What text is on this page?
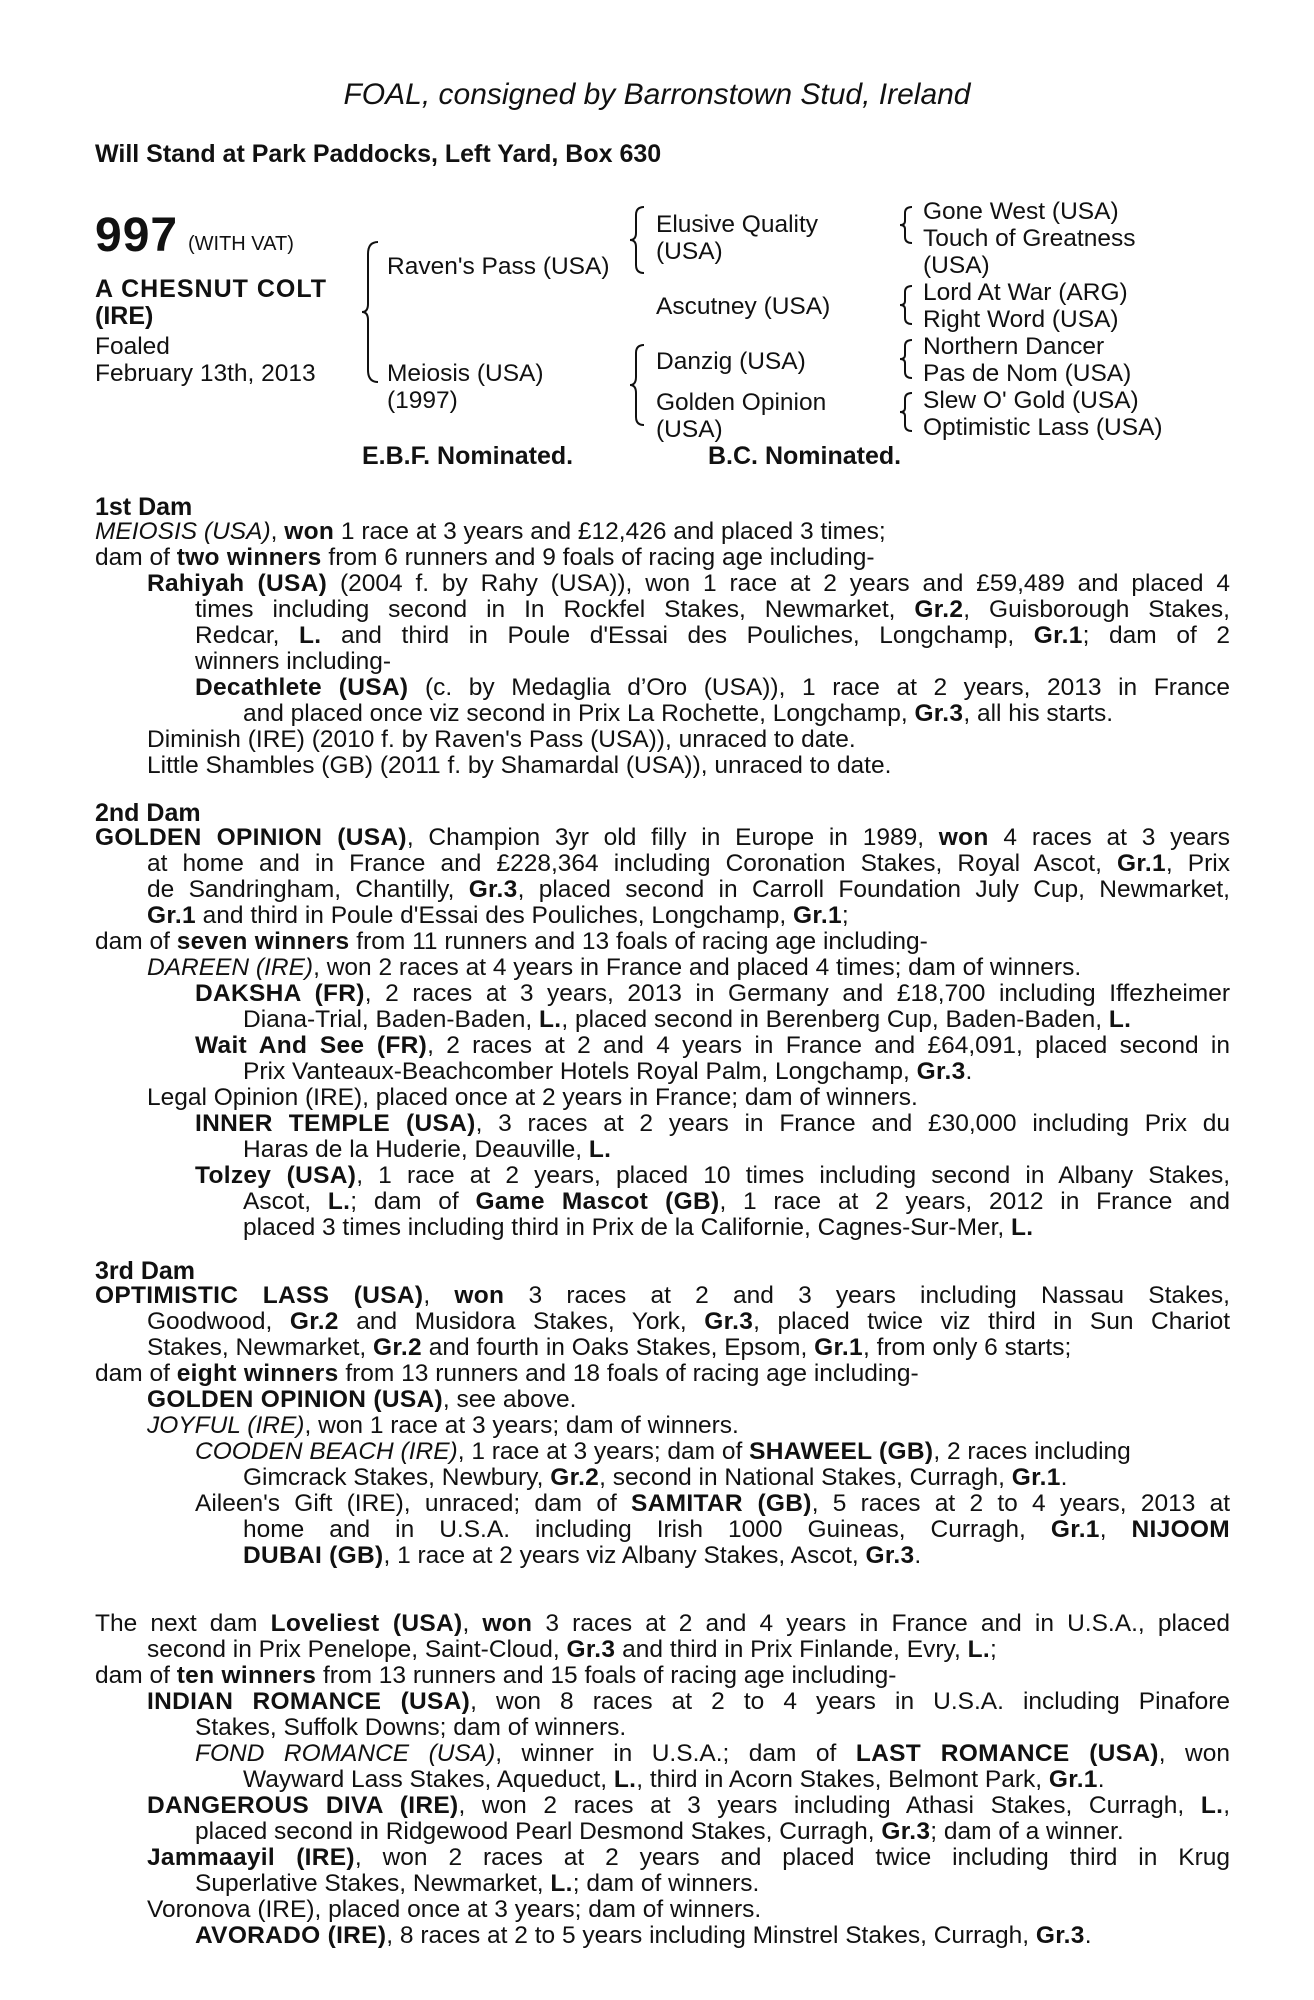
FOAL, consigned by Barronstown Stud, Ireland
Will Stand at Park Paddocks, Left Yard, Box 630
997 (WITH VAT)
A CHESNUT COLT
(IRE)
Foaled
February 13th, 2013
Raven's Pass (USA)
Meiosis (USA)
(1997)
Elusive Quality
(USA)
Ascutney (USA)
Danzig (USA)
Golden Opinion
(USA)
Gone West (USA)
Touch of Greatness
(USA)
Lord At War (ARG)
Right Word (USA)
Northern Dancer
Pas de Nom (USA)
Slew O' Gold (USA)
Optimistic Lass (USA)
E.B.F. Nominated.	B.C. Nominated.
1st Dam
2nd Dam
3rd Dam
MEIOSIS (USA), won 1 race at 3 years and £12,426 and placed 3 times;
dam of two winners from 6 runners and 9 foals of racing age including-
Rahiyah (USA) (2004 f. by Rahy (USA)), won 1 race at 2 years and £59,489 and placed 4
times including second in In Rockfel Stakes, Newmarket, Gr.2, Guisborough Stakes,
Redcar, L. and third in Poule d'Essai des Pouliches, Longchamp, Gr.1; dam of 2
winners including-
Decathlete (USA) (c. by Medaglia d’Oro (USA)), 1 race at 2 years, 2013 in France
and placed once viz second in Prix La Rochette, Longchamp, Gr.3, all his starts.
Diminish (IRE) (2010 f. by Raven's Pass (USA)), unraced to date.
Little Shambles (GB) (2011 f. by Shamardal (USA)), unraced to date.
GOLDEN OPINION (USA), Champion 3yr old filly in Europe in 1989, won 4 races at 3 years
at home and in France and £228,364 including Coronation Stakes, Royal Ascot, Gr.1, Prix
de Sandringham, Chantilly, Gr.3, placed second in Carroll Foundation July Cup, Newmarket,
Gr.1 and third in Poule d'Essai des Pouliches, Longchamp, Gr.1;
dam of seven winners from 11 runners and 13 foals of racing age including-
DAREEN (IRE), won 2 races at 4 years in France and placed 4 times; dam of winners.
DAKSHA (FR), 2 races at 3 years, 2013 in Germany and £18,700 including Iffezheimer
Diana-Trial, Baden-Baden, L., placed second in Berenberg Cup, Baden-Baden, L.
Wait And See (FR), 2 races at 2 and 4 years in France and £64,091, placed second in
Prix Vanteaux-Beachcomber Hotels Royal Palm, Longchamp, Gr.3.
Legal Opinion (IRE), placed once at 2 years in France; dam of winners.
INNER TEMPLE (USA), 3 races at 2 years in France and £30,000 including Prix du
Haras de la Huderie, Deauville, L.
Tolzey (USA), 1 race at 2 years, placed 10 times including second in Albany Stakes,
Ascot, L.; dam of Game Mascot (GB), 1 race at 2 years, 2012 in France and
placed 3 times including third in Prix de la Californie, Cagnes-Sur-Mer, L.
OPTIMISTIC LASS (USA), won 3 races at 2 and 3 years including Nassau Stakes,
Goodwood, Gr.2 and Musidora Stakes, York, Gr.3, placed twice viz third in Sun Chariot
Stakes, Newmarket, Gr.2 and fourth in Oaks Stakes, Epsom, Gr.1, from only 6 starts;
dam of eight winners from 13 runners and 18 foals of racing age including-
GOLDEN OPINION (USA), see above.
JOYFUL (IRE), won 1 race at 3 years; dam of winners.
COODEN BEACH (IRE), 1 race at 3 years; dam of SHAWEEL (GB), 2 races including
Gimcrack Stakes, Newbury, Gr.2, second in National Stakes, Curragh, Gr.1.
Aileen's Gift (IRE), unraced; dam of SAMITAR (GB), 5 races at 2 to 4 years, 2013 at
home and in U.S.A. including Irish 1000 Guineas, Curragh, Gr.1, NIJOOM
DUBAI (GB), 1 race at 2 years viz Albany Stakes, Ascot, Gr.3.
The next dam Loveliest (USA), won 3 races at 2 and 4 years in France and in U.S.A., placed
second in Prix Penelope, Saint-Cloud, Gr.3 and third in Prix Finlande, Evry, L.;
dam of ten winners from 13 runners and 15 foals of racing age including-
INDIAN ROMANCE (USA), won 8 races at 2 to 4 years in U.S.A. including Pinafore
Stakes, Suffolk Downs; dam of winners.
FOND ROMANCE (USA), winner in U.S.A.; dam of LAST ROMANCE (USA), won
Wayward Lass Stakes, Aqueduct, L., third in Acorn Stakes, Belmont Park, Gr.1.
DANGEROUS DIVA (IRE), won 2 races at 3 years including Athasi Stakes, Curragh, L.,
placed second in Ridgewood Pearl Desmond Stakes, Curragh, Gr.3; dam of a winner.
Jammaayil (IRE), won 2 races at 2 years and placed twice including third in Krug
Superlative Stakes, Newmarket, L.; dam of winners.
Voronova (IRE), placed once at 3 years; dam of winners.
AVORADO (IRE), 8 races at 2 to 5 years including Minstrel Stakes, Curragh, Gr.3.
